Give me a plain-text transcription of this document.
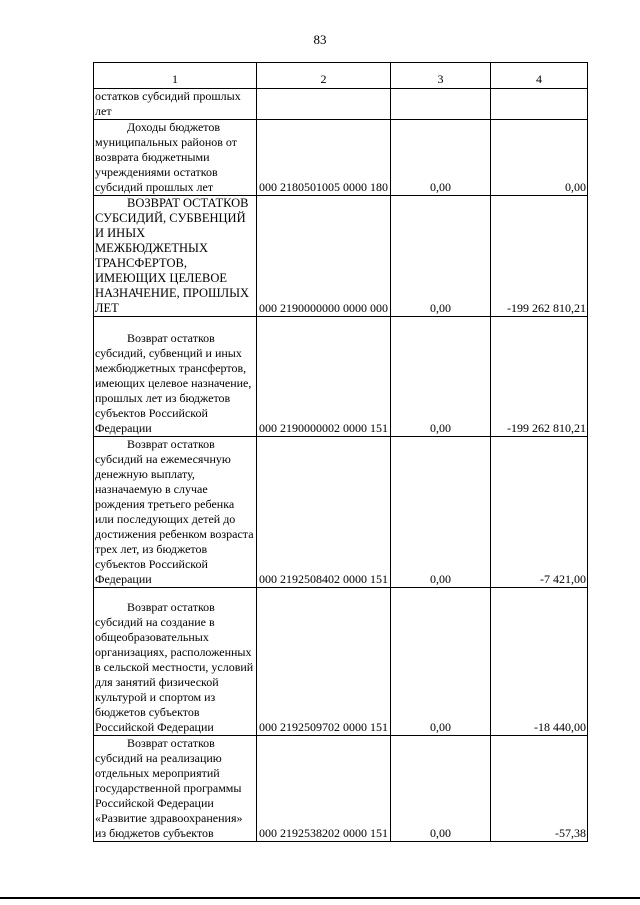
83
1	2	3	4
остатков субсидий прошлых лет			

Доходы бюджетов муниципальных районов от возврата бюджетными учреждениями остатков субсидий прошлых лет	000 2180501005 0000 180	0,00	0,00

ВОЗВРАТ ОСТАТКОВ СУБСИДИЙ, СУБВЕНЦИЙ И ИНЫХ МЕЖБЮДЖЕТНЫХ ТРАНСФЕРТОВ, ИМЕЮЩИХ ЦЕЛЕВОЕ НАЗНАЧЕНИЕ, ПРОШЛЫХ ЛЕТ	000 2190000000 0000 000	0,00	-199 262 810,21

Возврат остатков субсидий, субвенций и иных межбюджетных трансфертов, имеющих целевое назначение, прошлых лет из бюджетов субъектов Российской Федерации	000 2190000002 0000 151	0,00	-199 262 810,21

Возврат остатков субсидий на ежемесячную денежную выплату, назначаемую в случае рождения третьего ребенка или последующих детей до достижения ребенком возраста трех лет, из бюджетов субъектов Российской Федерации	000 2192508402 0000 151	0,00	-7 421,00

Возврат остатков субсидий на создание в общеобразовательных организациях, расположенных в сельской местности, условий для занятий физической культурой и спортом из бюджетов субъектов Российской Федерации	000 2192509702 0000 151	0,00	-18 440,00

Возврат остатков субсидий на реализацию отдельных мероприятий государственной программы Российской Федерации «Развитие здравоохранения» из бюджетов субъектов	000 2192538202 0000 151	0,00	-57,38
